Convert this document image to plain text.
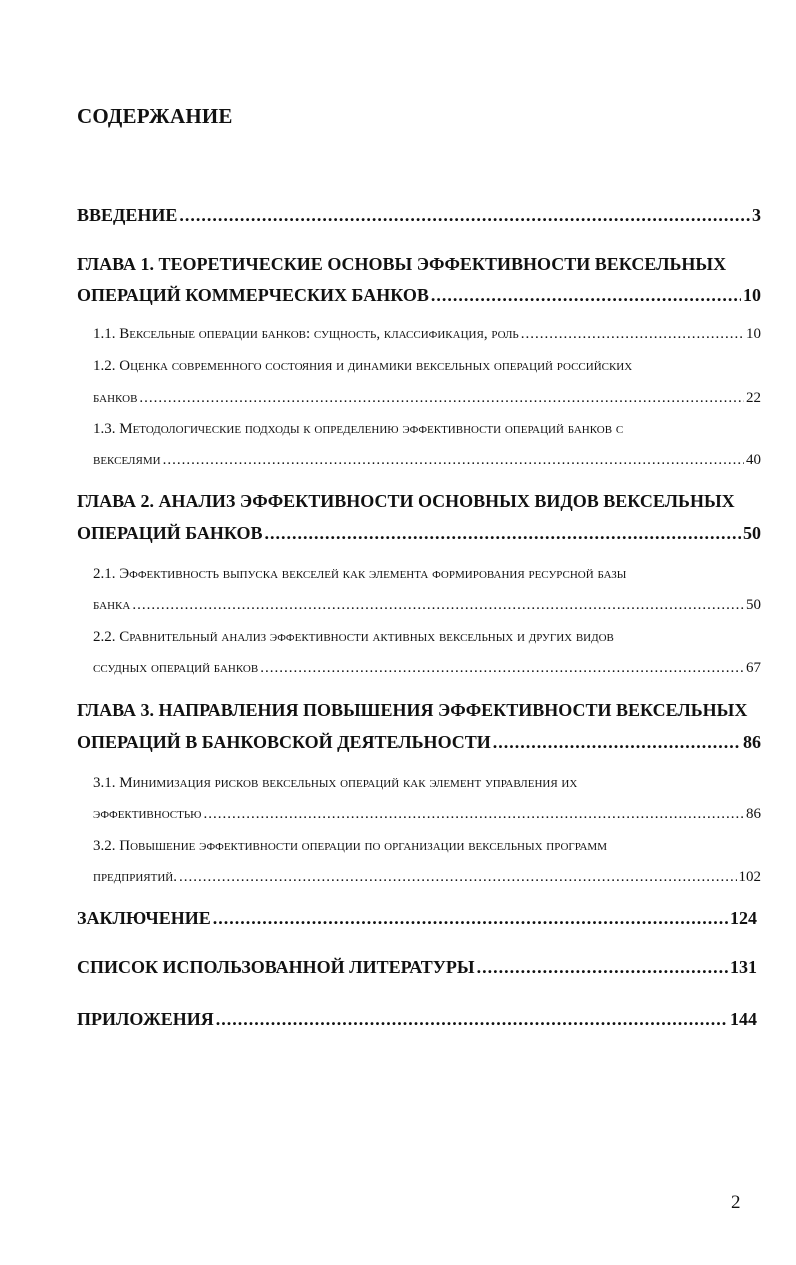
СОДЕРЖАНИЕ
ВВЕДЕНИЕ .....	3
ГЛАВА 1. ТЕОРЕТИЧЕСКИЕ ОСНОВЫ ЭФФЕКТИВНОСТИ ВЕКСЕЛЬНЫХ
ОПЕРАЦИЙ КОММЕРЧЕСКИХ БАНКОВ .....	10
1.1. Вексельные операции банков: сущность, классификация, роль .....	10
1.2. Оценка современного состояния и динамики вексельных операций российских
банков .....	22
1.3. Методологические подходы к определению эффективности операций банков с
векселями .....	40
ГЛАВА 2. АНАЛИЗ ЭФФЕКТИВНОСТИ ОСНОВНЫХ ВИДОВ ВЕКСЕЛЬНЫХ
ОПЕРАЦИЙ БАНКОВ .....	50
2.1. Эффективность выпуска векселей как элемента формирования ресурсной базы
банка .....	50
2.2. Сравнительный анализ эффективности активных вексельных и других видов
ссудных операций банков .....	67
ГЛАВА 3. НАПРАВЛЕНИЯ ПОВЫШЕНИЯ ЭФФЕКТИВНОСТИ ВЕКСЕЛЬНЫХ
ОПЕРАЦИЙ В БАНКОВСКОЙ ДЕЯТЕЛЬНОСТИ .....	86
3.1. Минимизация рисков вексельных операций как элемент управления их
эффективностью .....	86
3.2. Повышение эффективности операции по организации вексельных программ
предприятий. .....	102
ЗАКЛЮЧЕНИЕ .....	124
СПИСОК ИСПОЛЬЗОВАННОЙ ЛИТЕРАТУРЫ .....	131
ПРИЛОЖЕНИЯ .....	144
2
